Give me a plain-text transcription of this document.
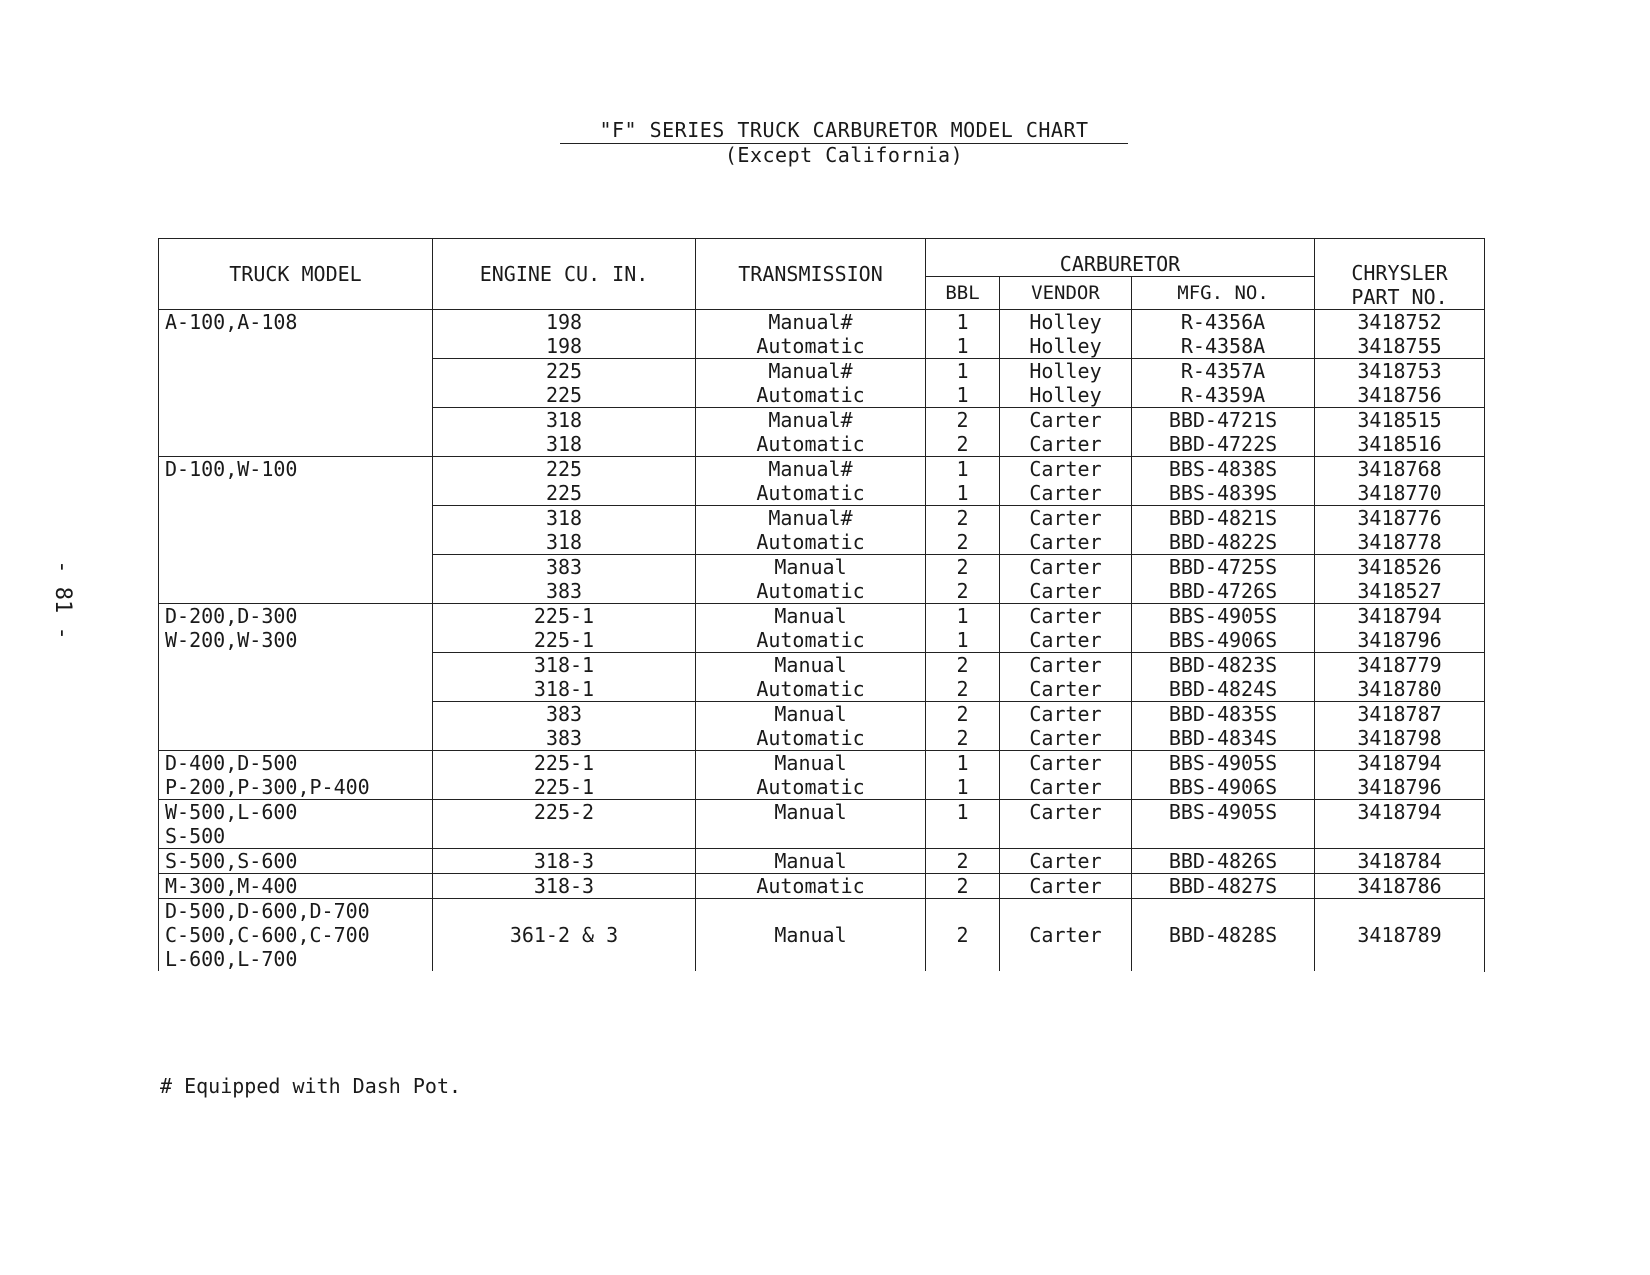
"F" SERIES TRUCK CARBURETOR MODEL CHART
(Except California)
- 81 -
TRUCK MODEL	ENGINE CU. IN.	TRANSMISSION	CARBURETOR			CHRYSLER
PART NO.	
			BBL	VENDOR	MFG. NO.		

A-100,A-108	198	Manual#	1	Holley	R-4356A	3418752	
	198	Automatic	1	Holley	R-4358A	3418755	
	225	Manual#	1	Holley	R-4357A	3418753	
	225	Automatic	1	Holley	R-4359A	3418756	
	318	Manual#	2	Carter	BBD-4721S	3418515	
	318	Automatic	2	Carter	BBD-4722S	3418516	

D-100,W-100	225	Manual#	1	Carter	BBS-4838S	3418768	
	225	Automatic	1	Carter	BBS-4839S	3418770	
	318	Manual#	2	Carter	BBD-4821S	3418776	
	318	Automatic	2	Carter	BBD-4822S	3418778	
	383	Manual	2	Carter	BBD-4725S	3418526	
	383	Automatic	2	Carter	BBD-4726S	3418527	

D-200,D-300
W-200,W-300	225-1	Manual	1	Carter	BBS-4905S	3418794	
	225-1	Automatic	1	Carter	BBS-4906S	3418796	
	318-1	Manual	2	Carter	BBD-4823S	3418779	
	318-1	Automatic	2	Carter	BBD-4824S	3418780	
	383	Manual	2	Carter	BBD-4835S	3418787	
	383	Automatic	2	Carter	BBD-4834S	3418798	

D-400,D-500
P-200,P-300,P-400	225-1	Manual	1	Carter	BBS-4905S	3418794	
	225-1	Automatic	1	Carter	BBS-4906S	3418796	

W-500,L-600
S-500	225-2	Manual	1	Carter	BBS-4905S	3418794	

S-500,S-600	318-3	Manual	2	Carter	BBD-4826S	3418784	

M-300,M-400	318-3	Automatic	2	Carter	BBD-4827S	3418786	

D-500,D-600,D-700
C-500,C-600,C-700
L-600,L-700	361-2 & 3	Manual	2	Carter	BBD-4828S	3418789	

# Equipped with Dash Pot.
